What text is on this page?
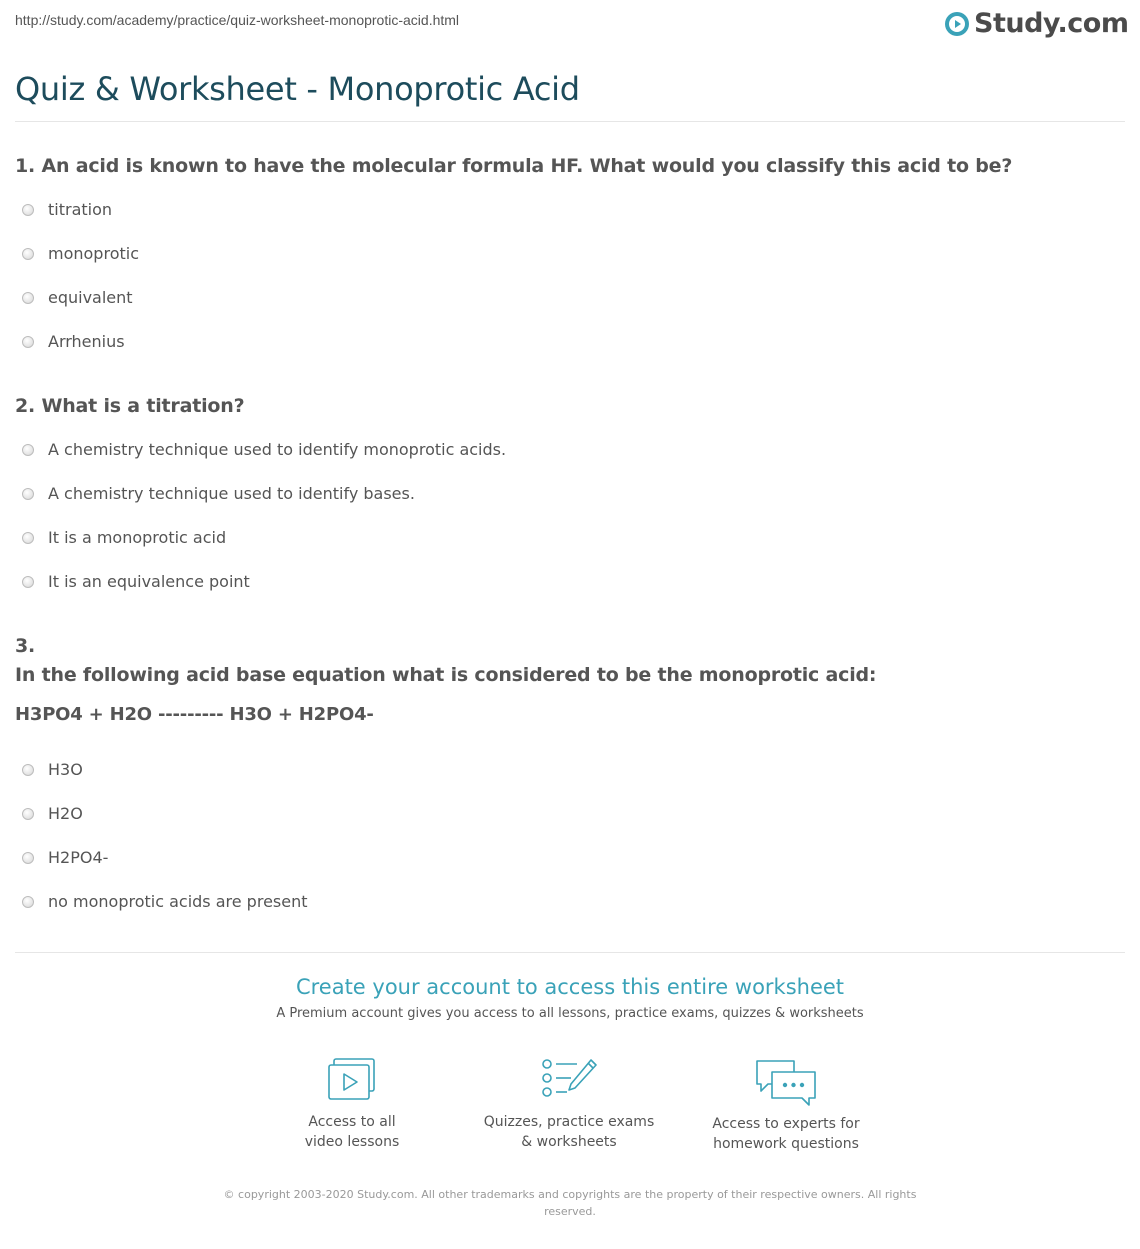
http://study.com/academy/practice/quiz-worksheet-monoprotic-acid.html	Study.com
Quiz & Worksheet - Monoprotic Acid
1. An acid is known to have the molecular formula HF. What would you classify this acid to be?
titration
monoprotic
equivalent
Arrhenius
2. What is a titration?
A chemistry technique used to identify monoprotic acids.
A chemistry technique used to identify bases.
It is a monoprotic acid
It is an equivalence point
3.
In the following acid base equation what is considered to be the monoprotic acid:
H3PO4 + H2O --------- H3O + H2PO4-
H3O
H2O
H2PO4-
no monoprotic acids are present
Create your account to access this entire worksheet
A Premium account gives you access to all lessons, practice exams, quizzes & worksheets
Access to all
video lessons
Quizzes, practice exams
& worksheets
Access to experts for
homework questions
© copyright 2003-2020 Study.com. All other trademarks and copyrights are the property of their respective owners. All rights reserved.
